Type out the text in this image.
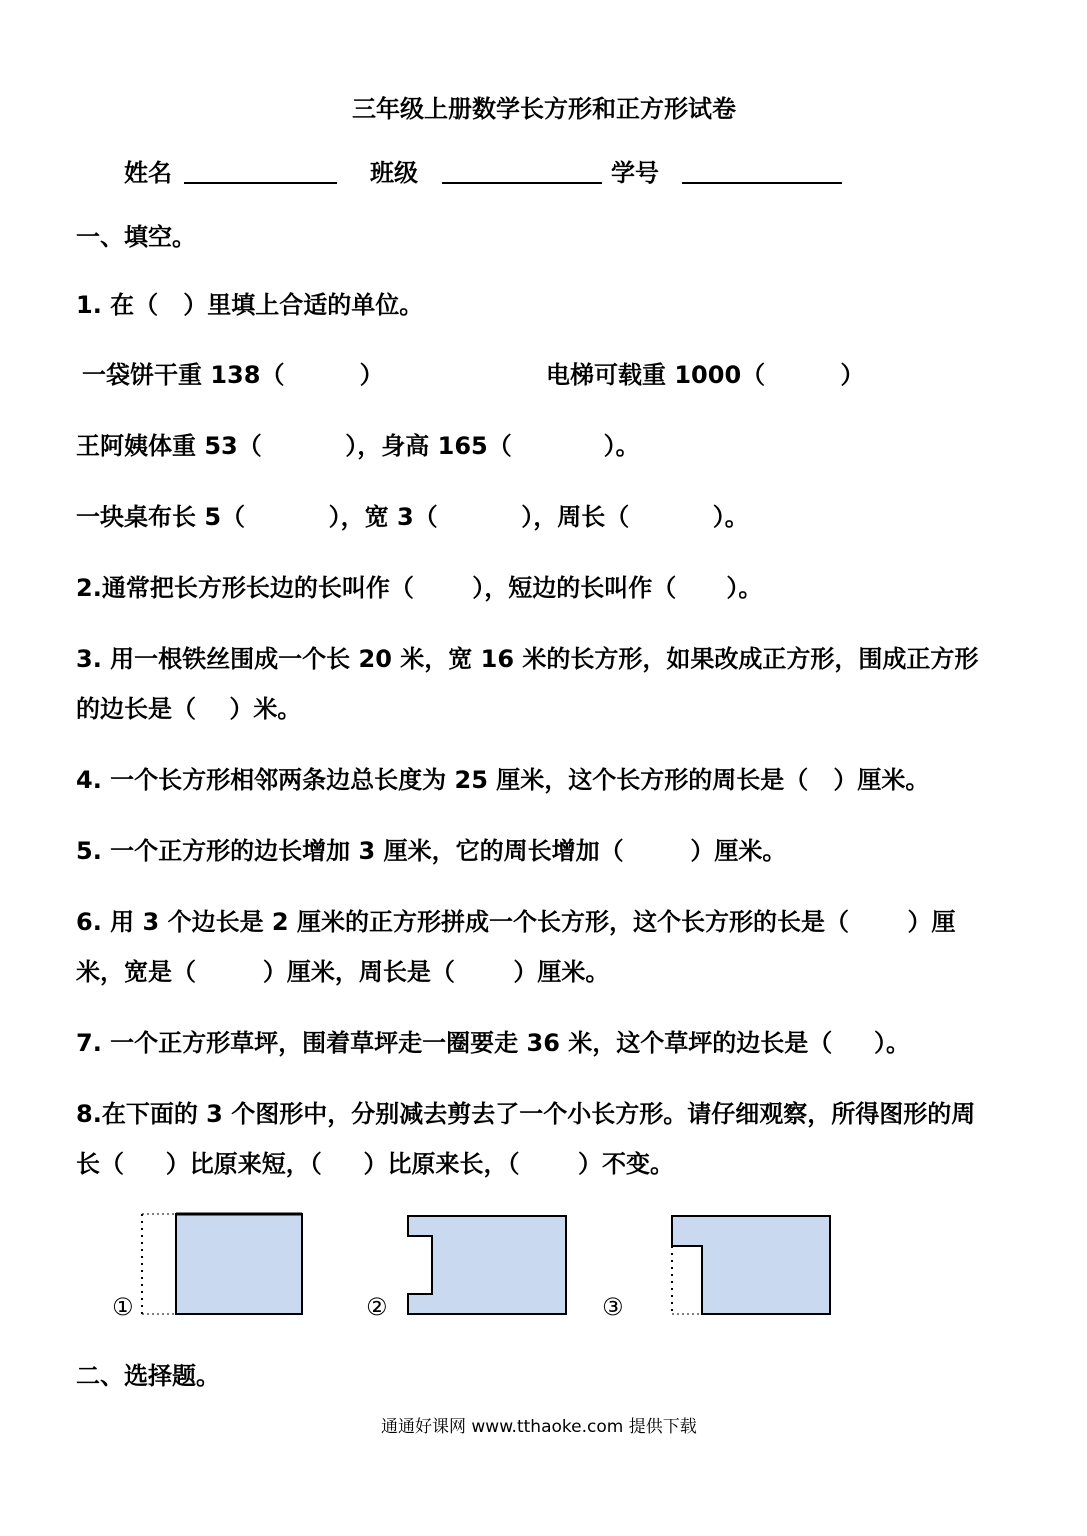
三年级上册数学长方形和正方形试卷
姓名	班级	学号
一、填空。
1. 在（   ）里填上合适的单位。
一袋饼干重 138（         ）	电梯可载重 1000（         ）
王阿姨体重 53（          ），身高 165（           ）。
一块桌布长 5（          ），宽 3（          ），周长（          ）。
2.通常把长方形长边的长叫作（       ），短边的长叫作（      ）。
3. 用一根铁丝围成一个长 20 米，宽 16 米的长方形，如果改成正方形，围成正方形
的边长是（    ）米。
4. 一个长方形相邻两条边总长度为 25 厘米，这个长方形的周长是（   ）厘米。
5. 一个正方形的边长增加 3 厘米，它的周长增加（        ）厘米。
6. 用 3 个边长是 2 厘米的正方形拼成一个长方形，这个长方形的长是（       ）厘
米，宽是（        ）厘米，周长是（       ）厘米。
7. 一个正方形草坪，围着草坪走一圈要走 36 米，这个草坪的边长是（     ）。
8.在下面的 3 个图形中，分别减去剪去了一个小长方形。请仔细观察，所得图形的周
长（     ）比原来短，（     ）比原来长，（       ）不变。
①	②	③
二、选择题。
通通好课网 www.tthaoke.com 提供下载
